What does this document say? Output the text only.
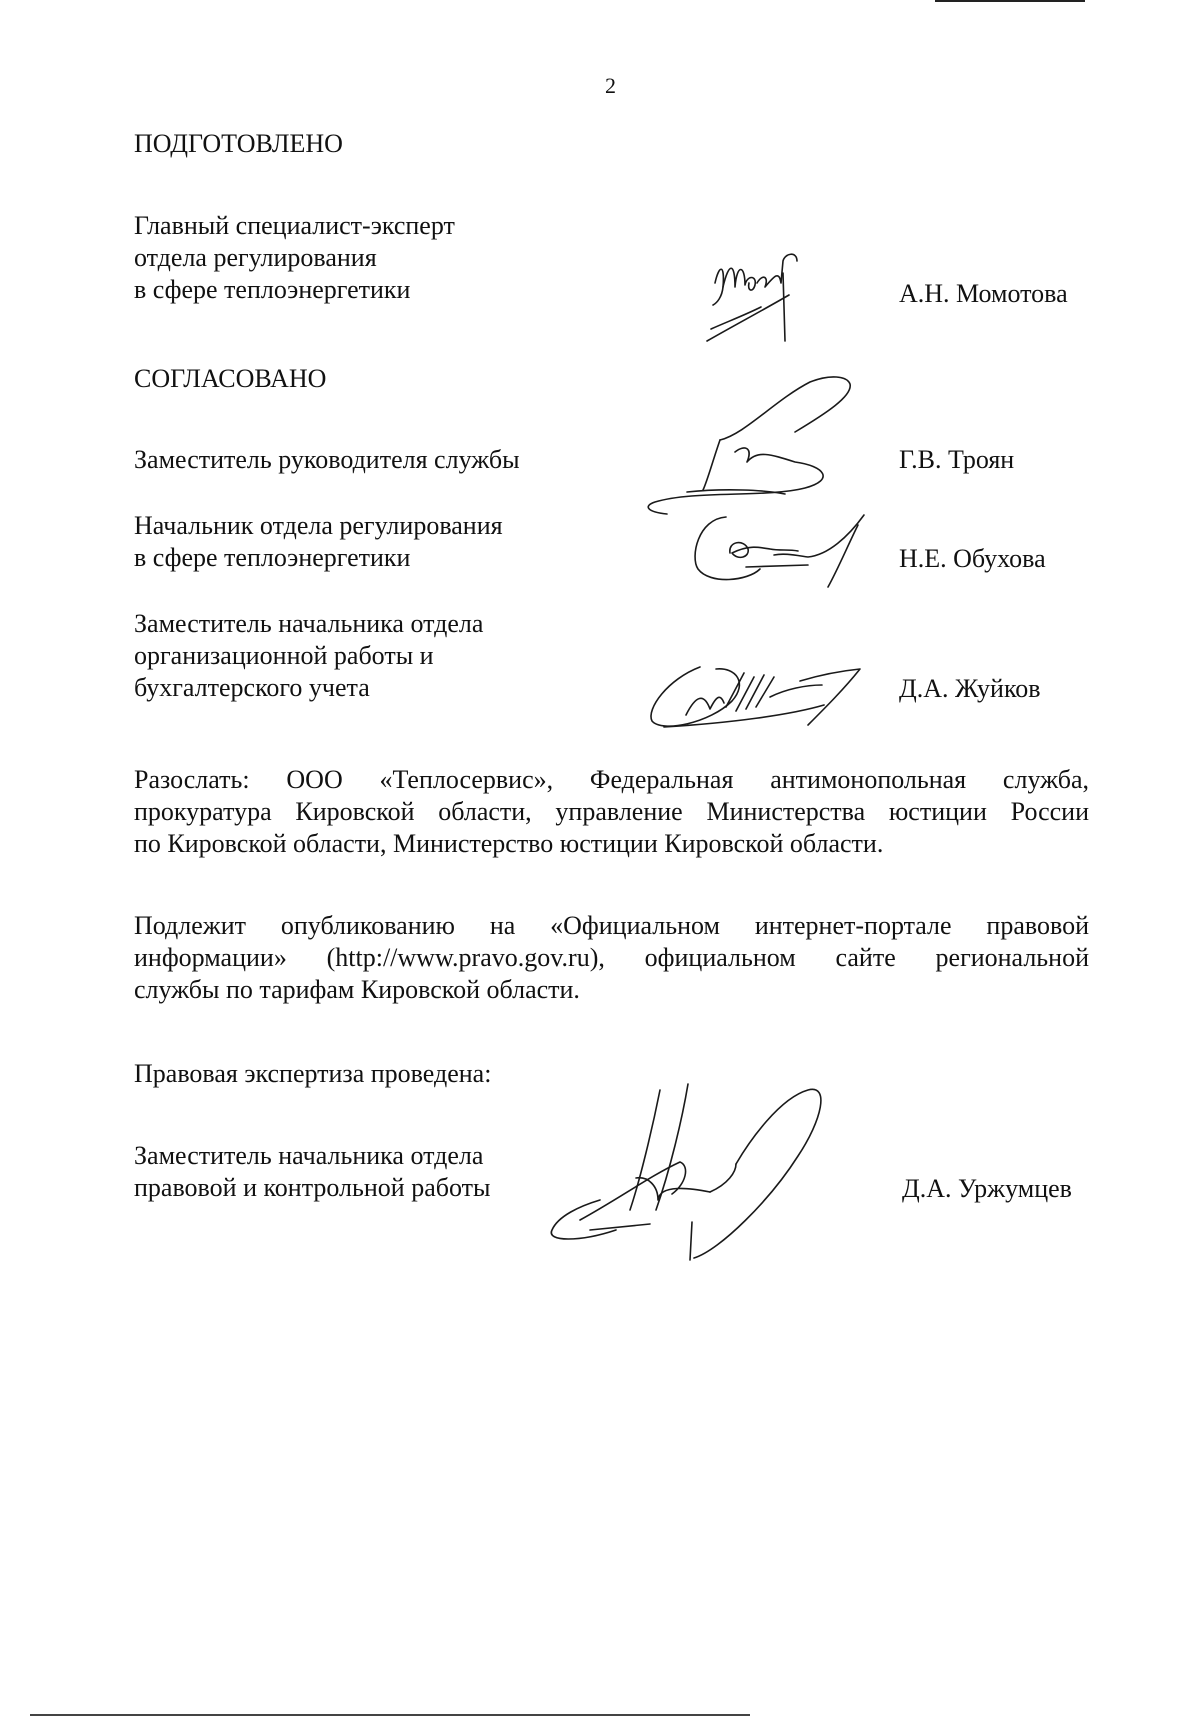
2

ПОДГОТОВЛЕНО

Главный специалист-эксперт
отдела регулирования
в сфере теплоэнергетики	А.Н. Момотова

СОГЛАСОВАНО

Заместитель руководителя службы	Г.В. Троян

Начальник отдела регулирования
в сфере теплоэнергетики	Н.Е. Обухова

Заместитель начальника отдела
организационной работы и
бухгалтерского учета	Д.А. Жуйков

Разослать: ООО «Теплосервис», Федеральная антимонопольная служба,
прокуратура Кировской области, управление Министерства юстиции России
по Кировской области, Министерство юстиции Кировской области.
Подлежит опубликованию на «Официальном интернет-портале правовой
информации» (http://www.pravo.gov.ru), официальном сайте региональной
службы по тарифам Кировской области.

Правовая экспертиза проведена:

Заместитель начальника отдела
правовой и контрольной работы	Д.А. Уржумцев
